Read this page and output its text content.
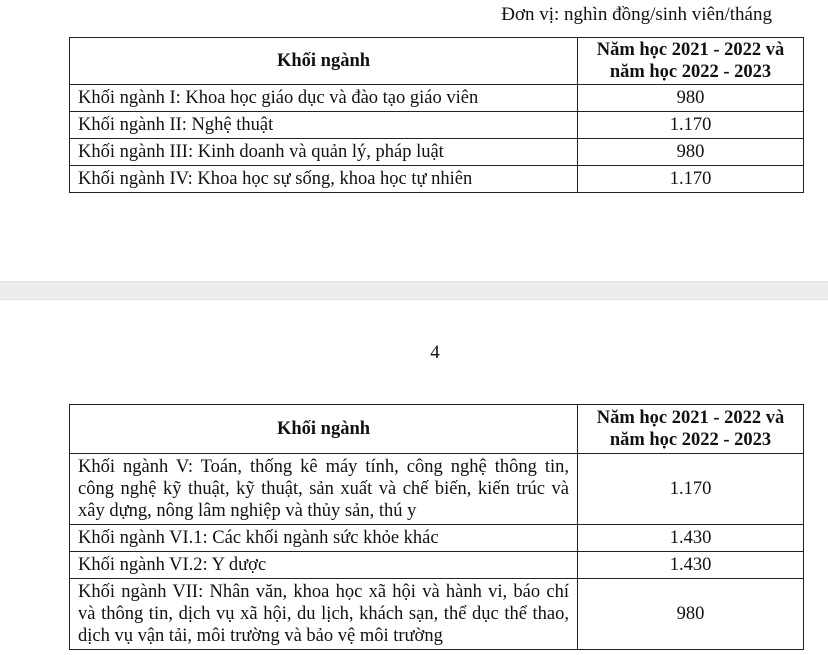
Đơn vị: nghìn đồng/sinh viên/tháng
Khối ngành	Năm học 2021 - 2022 và
năm học 2022 - 2023
Khối ngành I: Khoa học giáo dục và đào tạo giáo viên	980
Khối ngành II: Nghệ thuật	1.170
Khối ngành III: Kinh doanh và quản lý, pháp luật	980
Khối ngành IV: Khoa học sự sống, khoa học tự nhiên	1.170
4
Khối ngành	Năm học 2021 - 2022 và
năm học 2022 - 2023
Khối ngành V: Toán, thống kê máy tính, công nghệ thông tin, công nghệ kỹ thuật, kỹ thuật, sản xuất và chế biến, kiến trúc và xây dựng, nông lâm nghiệp và thủy sản, thú y	1.170
Khối ngành VI.1: Các khối ngành sức khỏe khác	1.430
Khối ngành VI.2: Y dược	1.430
Khối ngành VII: Nhân văn, khoa học xã hội và hành vi, báo chí và thông tin, dịch vụ xã hội, du lịch, khách sạn, thể dục thể thao, dịch vụ vận tải, môi trường và bảo vệ môi trường	980
